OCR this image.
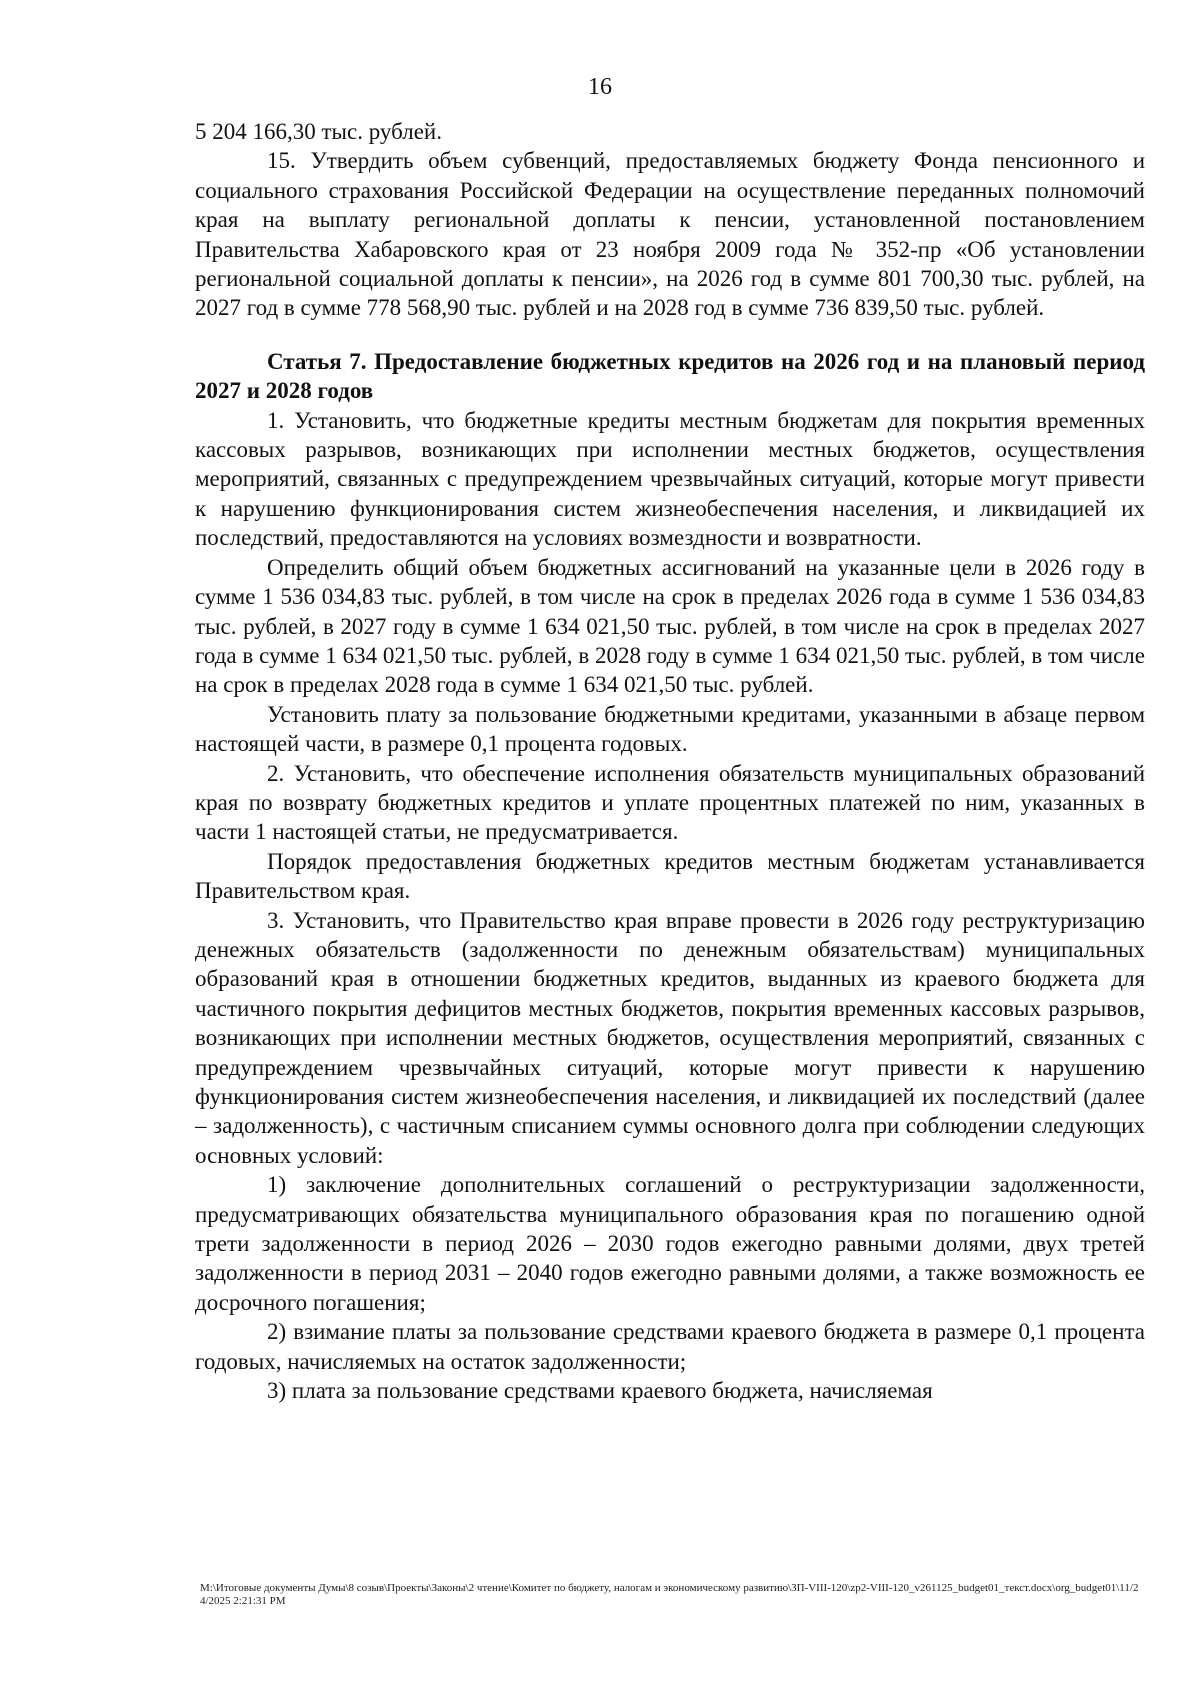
16

5 204 166,30 тыс. рублей.

15. Утвердить объем субвенций, предоставляемых бюджету Фонда пенсионного и социального страхования Российской Федерации на осуществление переданных полномочий края на выплату региональной доплаты к пенсии, установленной постановлением Правительства Хабаровского края от 23 ноября 2009 года № 352-пр «Об установлении региональной социальной доплаты к пенсии», на 2026 год в сумме 801 700,30 тыс. рублей, на 2027 год в сумме 778 568,90 тыс. рублей и на 2028 год в сумме 736 839,50 тыс. рублей.

Статья 7. Предоставление бюджетных кредитов на 2026 год и на плановый период 2027 и 2028 годов

1. Установить, что бюджетные кредиты местным бюджетам для покрытия временных кассовых разрывов, возникающих при исполнении местных бюджетов, осуществления мероприятий, связанных с предупреждением чрезвычайных ситуаций, которые могут привести к нарушению функционирования систем жизнеобеспечения населения, и ликвидацией их последствий, предоставляются на условиях возмездности и возвратности.

Определить общий объем бюджетных ассигнований на указанные цели в 2026 году в сумме 1 536 034,83 тыс. рублей, в том числе на срок в пределах 2026 года в сумме 1 536 034,83 тыс. рублей, в 2027 году в сумме 1 634 021,50 тыс. рублей, в том числе на срок в пределах 2027 года в сумме 1 634 021,50 тыс. рублей, в 2028 году в сумме 1 634 021,50 тыс. рублей, в том числе на срок в пределах 2028 года в сумме 1 634 021,50 тыс. рублей.

Установить плату за пользование бюджетными кредитами, указанными в абзаце первом настоящей части, в размере 0,1 процента годовых.

2. Установить, что обеспечение исполнения обязательств муниципальных образований края по возврату бюджетных кредитов и уплате процентных платежей по ним, указанных в части 1 настоящей статьи, не предусматривается.

Порядок предоставления бюджетных кредитов местным бюджетам устанавливается Правительством края.

3. Установить, что Правительство края вправе провести в 2026 году реструктуризацию денежных обязательств (задолженности по денежным обязательствам) муниципальных образований края в отношении бюджетных кредитов, выданных из краевого бюджета для частичного покрытия дефицитов местных бюджетов, покрытия временных кассовых разрывов, возникающих при исполнении местных бюджетов, осуществления мероприятий, связанных с предупреждением чрезвычайных ситуаций, которые могут привести к нарушению функционирования систем жизнеобеспечения населения, и ликвидацией их последствий (далее – задолженность), с частичным списанием суммы основного долга при соблюдении следующих основных условий:

1) заключение дополнительных соглашений о реструктуризации задолженности, предусматривающих обязательства муниципального образования края по погашению одной трети задолженности в период 2026 – 2030 годов ежегодно равными долями, двух третей задолженности в период 2031 – 2040 годов ежегодно равными долями, а также возможность ее досрочного погашения;

2) взимание платы за пользование средствами краевого бюджета в размере 0,1 процента годовых, начисляемых на остаток задолженности;

3) плата за пользование средствами краевого бюджета, начисляемая

M:\Итоговые документы Думы\8 созыв\Проекты\Законы\2 чтение\Комитет по бюджету, налогам и экономическому развитию\ЗП-VIII-120\zp2-VIII-120_v261125_budget01_текст.docx\org_budget01\11/24/2025 2:21:31 PM
